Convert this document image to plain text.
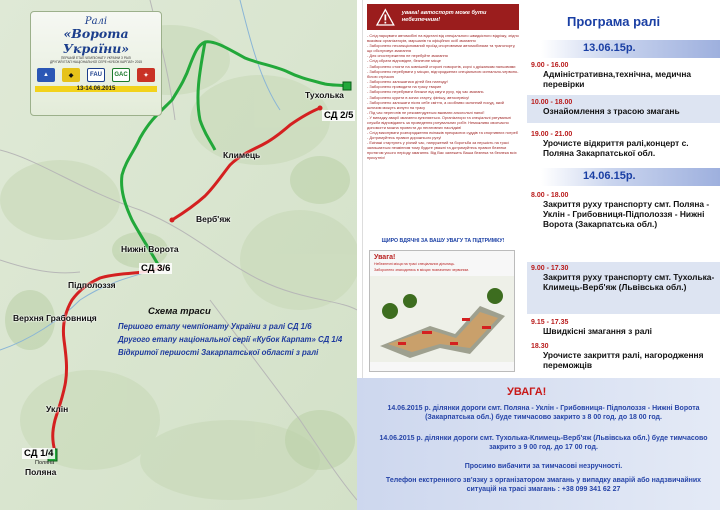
Ралі
«Ворота України»
ПЕРШИЙ ЕТАП ЧЕМПІОНАТУ УКРАЇНИ З РАЛІ
ДРУГИЙ ЕТАП НАЦІОНАЛЬНОЇ СЕРІЇ «КУБОК КАРПАТ» 2015
▲	◆	FAU	GAC	✦
13-14.06.2015
Тухолька
Климець
Верб'яж
Нижні Ворота
Підполоззя
Верхня Грабовниця
Уклін
Поляна
Поляна
СД 2/5
СД 3/6
СД 1/4
Схема траси
Першого етапу чемпіонату України з ралі СД 1/6
Другого етапу національної серії «Кубок Карпат» СД 1/4
Відкритої першості Закарпатської області з ралі
увага! автоспорт може бути небезпечним!
- Слід паркувати автомобілі на відстані від спеціального швидкісного відрізку, згідно вказівок організаторів, маршалів та офіційних осіб змагання
- Заборонено несанкціонований проїзд спортивними автомобілями та транспорту, що обслуговує змагання
- Для спостереження не перебуйте змагання
- Слід обрати відповідне, безпечне місце
- Заборонено стояти на зовнішній стороні поворотів, корчі з дріжанкам пальовими
- Заборонено перебувати у місцях, відгороджених спеціальною сигнально-червоно-білою стрічкою
- Заборонено залишатися дітей без нагляду!
- Заборонено приводити на трасу тварин
- Заборонено перебувати ближче від смуги руху, під час змагань
- Заборонено курити в зонах старту, фінішу, автосервісу!
- Заборонено залишати після себе сміття, а особливо склянний посуд, який шлячим можуть кинути на трасу
- Під час перегонів не рекомендується вживати алкогольні напої!
- У випадку аварії змагання зупиняється. Організатори та спеціальні рятувальні служби відповідають за проведення рятувальних робіт. Неможливо своєчасно допомогти можна провести до негативних наслідків!
- Слід виконувати розпорядження екіпажів прекрасних суддів та спортивних потреб
- Дотримуйтесь правил дорожнього руху!
- Екіпажі стартують у різний час, напружений та боротьба за першість на трасі залишається незмінним тому будьте уважні та дотримуйтесь правил безпеки протягом усього періоду змагання. Від Вас залежить Ваша безпека та безпека всіх присутніх!
ЩИРО ВДЯЧНІ ЗА ВАШУ УВАГУ ТА ПІДТРИМКУ!
Увага!
Небезпечні місця на трасі спеціальних дільниць.
Заборонено знаходитись в місцях позначених червоним.
Програма ралі
13.06.15р.
9.00 - 16.00
Адміністративна,технічна, медична перевірки
10.00 - 18.00
Ознайомлення з трасою змагань
19.00 - 21.00
Урочисте відкриття ралі,концерт с. Поляна Закарпатської обл.
14.06.15р.
8.00 - 18.00
Закриття руху транспорту смт. Поляна - Уклін - Грибовниця-Підполоззя - Нижні Ворота (Закарпатська обл.)
9.00 - 17.30
Закриття руху транспорту смт. Тухолька-Климець-Верб'яж (Львівська обл.)
9.15 - 17.35
Швидкісні змагання з ралі
18.30
Урочисте закриття ралі, нагородження переможців
УВАГА!
14.06.2015 р. ділянки дороги смт. Поляна - Уклін - Грибовниця- Підполоззя - Нижні Ворота (Закарпатська обл.) буде тимчасово закрито з 8 00 год. до 18 00 год.
14.06.2015 р. ділянки дороги смт. Тухолька-Климець-Верб'яж (Львівська обл.) буде тимчасово закрито з 9 00 год. до 17 00 год.
Просимо вибачити за тимчасові незручності.
Телефон екстренного зв'язку з організатором змагань у випадку аварій або надзвичайних ситуацій на трасі змагань : +38 099 341 62 27
